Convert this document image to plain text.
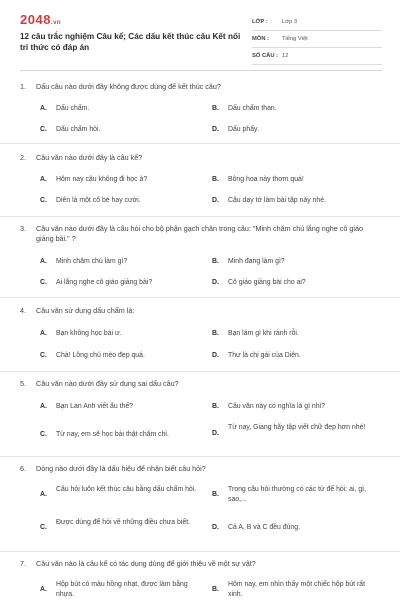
2048.vn
12 câu trắc nghiệm Câu kể; Các dấu kết thúc câu Kết nối tri thức có đáp án
LỚP :	Lớp 3
MÔN :	Tiếng Việt
SỐ CÂU : 12
1.	Dấu câu nào dưới đây không được dùng để kết thúc câu?
A. Dấu chấm.	B. Dấu chấm than.
C. Dấu chấm hỏi.	D. Dấu phẩy.
2.	Câu văn nào dưới đây là câu kể?
A. Hôm nay cậu không đi học à?	B. Bông hoa này thơm quá!
C. Diên là một cô bé hay cười.	D. Cậu dạy tớ làm bài tập này nhé.
3.	Câu văn nào dưới đây là câu hỏi cho bộ phận gạch chân trong câu: "Minh chăm chú lắng nghe cô giáo giảng bài." ?
A. Minh chăm chú làm gì?	B. Minh đang làm gì?
C. Ai lắng nghe cô giáo giảng bài?	D. Cô giáo giảng bài cho ai?
4.	Câu văn sử dụng dấu chấm là:
A. Bạn không học bài ư.	B. Bạn làm gì khi rảnh rỗi.
C. Chà! Lông chú mèo đẹp quá.	D. Thư là chị gái của Diên.
5.	Câu văn nào dưới đây sử dụng sai dấu câu?
A. Bạn Lan Anh viết ẩu thế?	B. Câu văn này có nghĩa là gì nhỉ?
C. Từ nay, em sẽ học bài thật chăm chỉ.	D.
Từ nay, Giang hãy tập viết chữ đẹp hơn nhé!
6.	Dòng nào dưới đây là dấu hiệu để nhận biết câu hỏi?
A.
Câu hỏi luôn kết thúc câu bằng dấu chấm hỏi.
B.
Trong câu hỏi thường có các từ để hỏi: ai, gì, sao,...
C.
Được dùng để hỏi về những điều chưa biết.
D. Cả A, B và C đều đúng.
7.	Câu văn nào là câu kể có tác dụng dùng để giới thiệu về một sự vật?
A.
Hộp bút có màu hồng nhạt, được làm bằng nhựa.
B.
Hôm nay, em nhìn thấy một chiếc hộp bút rất xinh.
